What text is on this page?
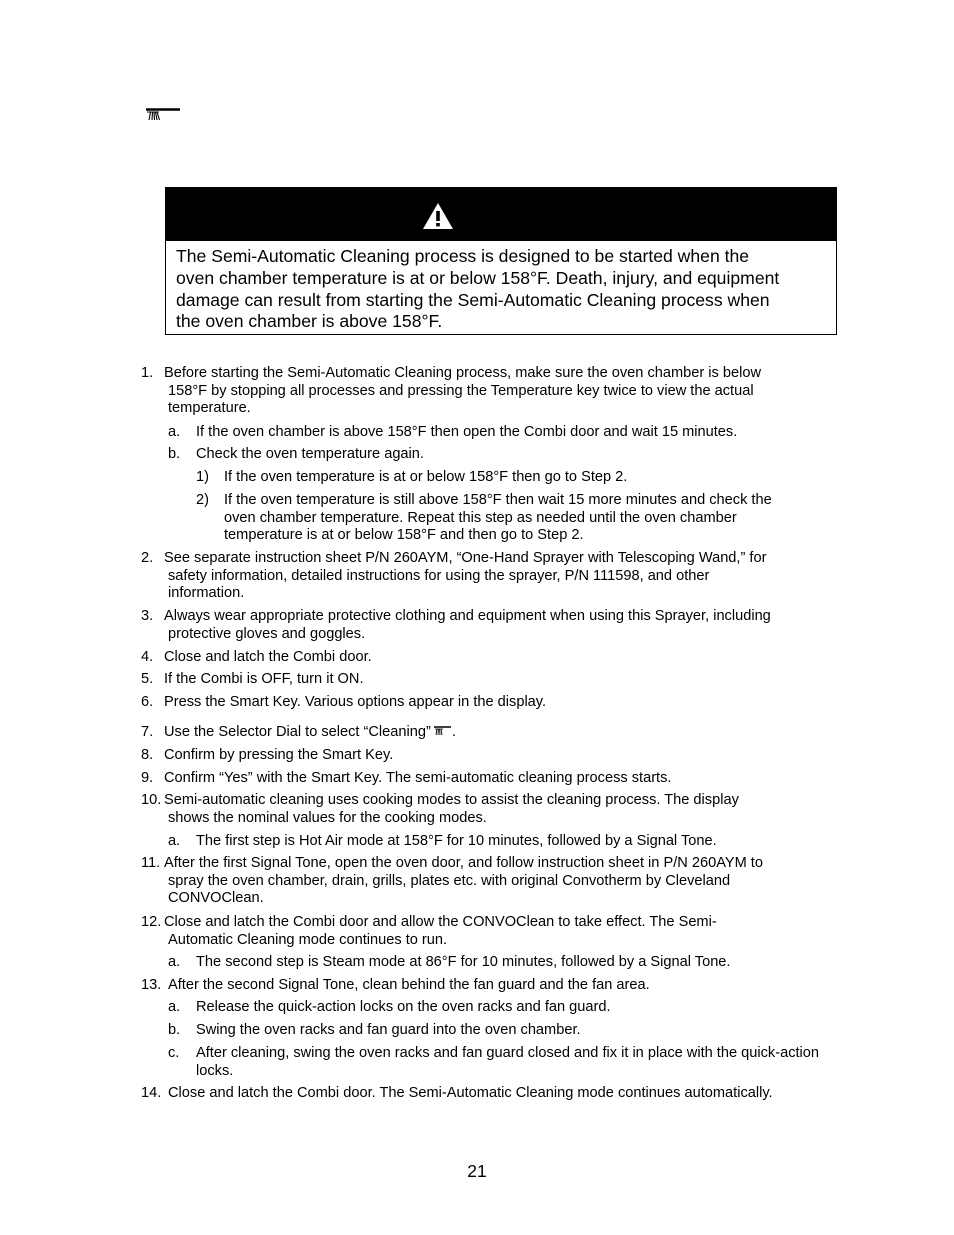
The Semi-Automatic Cleaning process is designed to be started when the
oven chamber temperature is at or below 158°F. Death, injury, and equipment
damage can result from starting the Semi-Automatic Cleaning process when
the oven chamber is above 158°F.
1. Before starting the Semi-Automatic Cleaning process, make sure the oven chamber is below
158°F by stopping all processes and pressing the Temperature key twice to view the actual
temperature.
a. If the oven chamber is above 158°F then open the Combi door and wait 15 minutes.
b. Check the oven temperature again.
1) If the oven temperature is at or below 158°F then go to Step 2.
2) If the oven temperature is still above 158°F then wait 15 more minutes and check the
oven chamber temperature. Repeat this step as needed until the oven chamber
temperature is at or below 158°F and then go to Step 2.
2. See separate instruction sheet P/N 260AYM, “One-Hand Sprayer with Telescoping Wand,” for
safety information, detailed instructions for using the sprayer, P/N 111598, and other
information.
3. Always wear appropriate protective clothing and equipment when using this Sprayer, including
protective gloves and goggles.
4. Close and latch the Combi door.
5. If the Combi is OFF, turn it ON.
6. Press the Smart Key. Various options appear in the display.
7. Use the Selector Dial to select “Cleaning” .
8. Confirm by pressing the Smart Key.
9. Confirm “Yes” with the Smart Key. The semi-automatic cleaning process starts.
10. Semi-automatic cleaning uses cooking modes to assist the cleaning process. The display
shows the nominal values for the cooking modes.
a. The first step is Hot Air mode at 158°F for 10 minutes, followed by a Signal Tone.
11. After the first Signal Tone, open the oven door, and follow instruction sheet in P/N 260AYM to
spray the oven chamber, drain, grills, plates etc. with original Convotherm by Cleveland
CONVOClean.
12. Close and latch the Combi door and allow the CONVOClean to take effect. The Semi-
Automatic Cleaning mode continues to run.
a. The second step is Steam mode at 86°F for 10 minutes, followed by a Signal Tone.
13. After the second Signal Tone, clean behind the fan guard and the fan area.
a. Release the quick-action locks on the oven racks and fan guard.
b. Swing the oven racks and fan guard into the oven chamber.
c. After cleaning, swing the oven racks and fan guard closed and fix it in place with the quick-action
locks.
14. Close and latch the Combi door. The Semi-Automatic Cleaning mode continues automatically.
21
